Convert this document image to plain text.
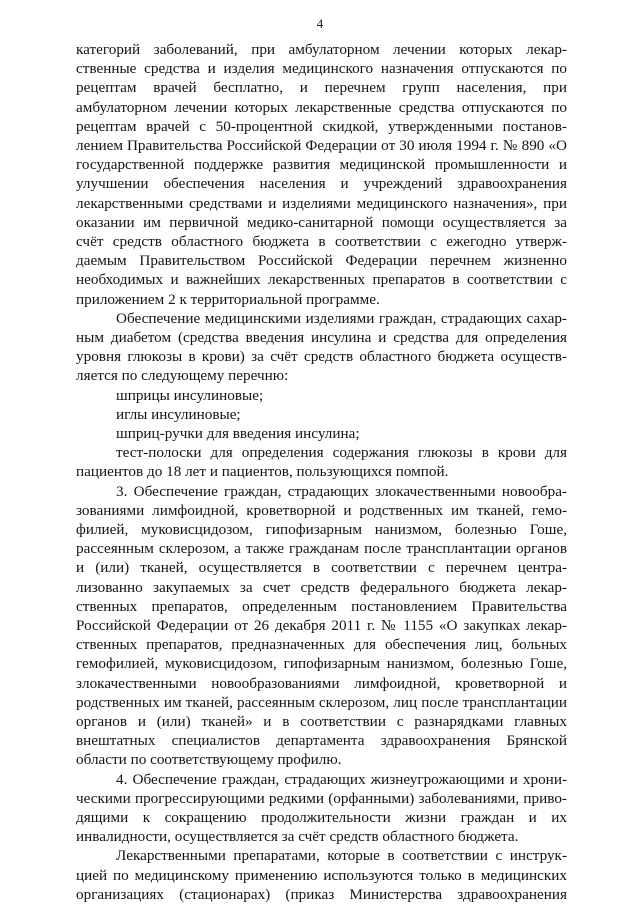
4
категорий заболеваний, при амбулаторном лечении которых лекар-
ственные средства и изделия медицинского назначения отпускаются по
рецептам врачей бесплатно, и перечнем групп населения, при
амбулаторном лечении которых лекарственные средства отпускаются по
рецептам врачей с 50-процентной скидкой, утвержденными постанов-
лением Правительства Российской Федерации от 30 июля 1994 г. № 890 «О
государственной поддержке развития медицинской промышленности и
улучшении обеспечения населения и учреждений здравоохранения
лекарственными средствами и изделиями медицинского назначения», при
оказании им первичной медико-санитарной помощи осуществляется за
счёт средств областного бюджета в соответствии с ежегодно утверж-
даемым Правительством Российской Федерации перечнем жизненно
необходимых и важнейших лекарственных препаратов в соответствии с
приложением 2 к территориальной программе.
Обеспечение медицинскими изделиями граждан, страдающих сахар-
ным диабетом (средства введения инсулина и средства для определения
уровня глюкозы в крови) за счёт средств областного бюджета осуществ-
ляется по следующему перечню:
шприцы инсулиновые;
иглы инсулиновые;
шприц-ручки для введения инсулина;
тест-полоски для определения содержания глюкозы в крови для
пациентов до 18 лет и пациентов, пользующихся помпой.
3. Обеспечение граждан, страдающих злокачественными новообра-
зованиями лимфоидной, кроветворной и родственных им тканей, гемо-
филией, муковисцидозом, гипофизарным нанизмом, болезнью Гоше,
рассеянным склерозом, а также гражданам после трансплантации органов
и (или) тканей, осуществляется в соответствии с перечнем центра-
лизованно закупаемых за счет средств федерального бюджета лекар-
ственных препаратов, определенным постановлением Правительства
Российской Федерации от 26 декабря 2011 г. № 1155 «О закупках лекар-
ственных препаратов, предназначенных для обеспечения лиц, больных
гемофилией, муковисцидозом, гипофизарным нанизмом, болезнью Гоше,
злокачественными новообразованиями лимфоидной, кроветворной и
родственных им тканей, рассеянным склерозом, лиц после трансплантации
органов и (или) тканей» и в соответствии с разнарядками главных
внештатных специалистов департамента здравоохранения Брянской
области по соответствующему профилю.
4. Обеспечение граждан, страдающих жизнеугрожающими и хрони-
ческими прогрессирующими редкими (орфанными) заболеваниями, приво-
дящими к сокращению продолжительности жизни граждан и их
инвалидности, осуществляется за счёт средств областного бюджета.
Лекарственными препаратами, которые в соответствии с инструк-
цией по медицинскому применению используются только в медицинских
организациях (стационарах) (приказ Министерства здравоохранения
